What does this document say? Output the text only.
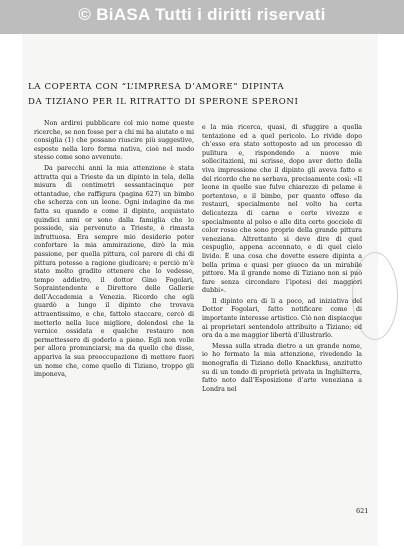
© BiASA Tutti i diritti riservati
LA COPERTA CON “L’IMPRESA D’AMORE” DIPINTA
DA TIZIANO PER IL RITRATTO DI SPERONE SPERONI

Non ardirei pubblicare col mio nome queste ricerche, se non fosse per a chi mi ha aiutato e mi consiglia (1) che possano riuscire più suggestive, esposte nella loro forma nativa, cioè nel modo stesso come sono avvenute.

Da parecchi anni la mia attenzione è stata attratta qui a Trieste da un dipinto in tela, della misura di centimetri sessantacinque per ottantadue, che raffigura (pagina 627) un bimbo che scherza con un leone. Ogni indagine da me fatta su quando e come il dipinto, acquistato quindici anni or sono dalla famiglia che lo possiede, sia pervenuto a Trieste, è rimasta infruttuosa. Era sempre mio desiderio poter confortare la mia ammirazione, dirò la mia passione, per quella pittura, col parere di chi di pittura potesse a ragione giudicare; e perciò m’è stato molto gradito ottenere che lo vedesse, tempo addietro, il dottor Gino Fogolari, Sopraintendente e Direttore delle Gallerie dell’Accademia a Venezia. Ricordo che egli guardò a lungo il dipinto che trovava attraentissimo, e che, fattolo staccare, cercò di metterlo nella luce migliore, dolendosi che la vernice ossidata e qualche restauro non permettessero di goderlo a pieno. Egli non volle per allora pronunciarsi; ma da quello che disse, appariva la sua preoccupazione di mettere fuori un nome che, come quello di Tiziano, troppo gli imponeva,

e la mia ricerca, quasi, di sfuggire a quella tentazione ed a quel pericolo. Lo rivide dopo ch’esso era stato sottoposto ad un processo di pulitura e, rispondendo a nuove mie sollecitazioni, mi scrisse, dopo aver detto della viva impressione che il dipinto gli aveva fatto e del ricordo che ne serbava, precisamente così: «Il leone in quelle sue fulve chiarezze di pelame è portentoso, e il bimbo, per quanto offeso da restauri, specialmente nel volto ha certa delicatezza di carne e certe vivezze e specialmente al polso e alle dita certe gocciole di color rosso che sono proprie della grande pittura veneziana. Altrettanto si deve dire di quel cespuglio, appena accennato, e di quel cielo livido. È una cosa che dovette essere dipinta a bella prima e quasi per giuoco da un mirabile pittore. Ma il grande nome di Tiziano non si può fare senza circondare l’ipotesi dei maggiori dubbi».

Il dipinto era di li a poco, ad iniziativa del Dottor Fogolari, fatto notificare come di importante interesse artistico. Ciò non dispiacque ai proprietari sentendolo attribuito a Tiziano; ed ora da a me maggior libertà d’illustrarlo.

Messa sulla strada dietro a un grande nome, io ho fermato la mia attenzione, rivedendo la monografia di Tiziano dello Knackfuss, anzitutto su di un tondo di proprietà privata in Inghilterra, fatto noto dall’Esposizione d’arte veneziana a Londra nel

621
